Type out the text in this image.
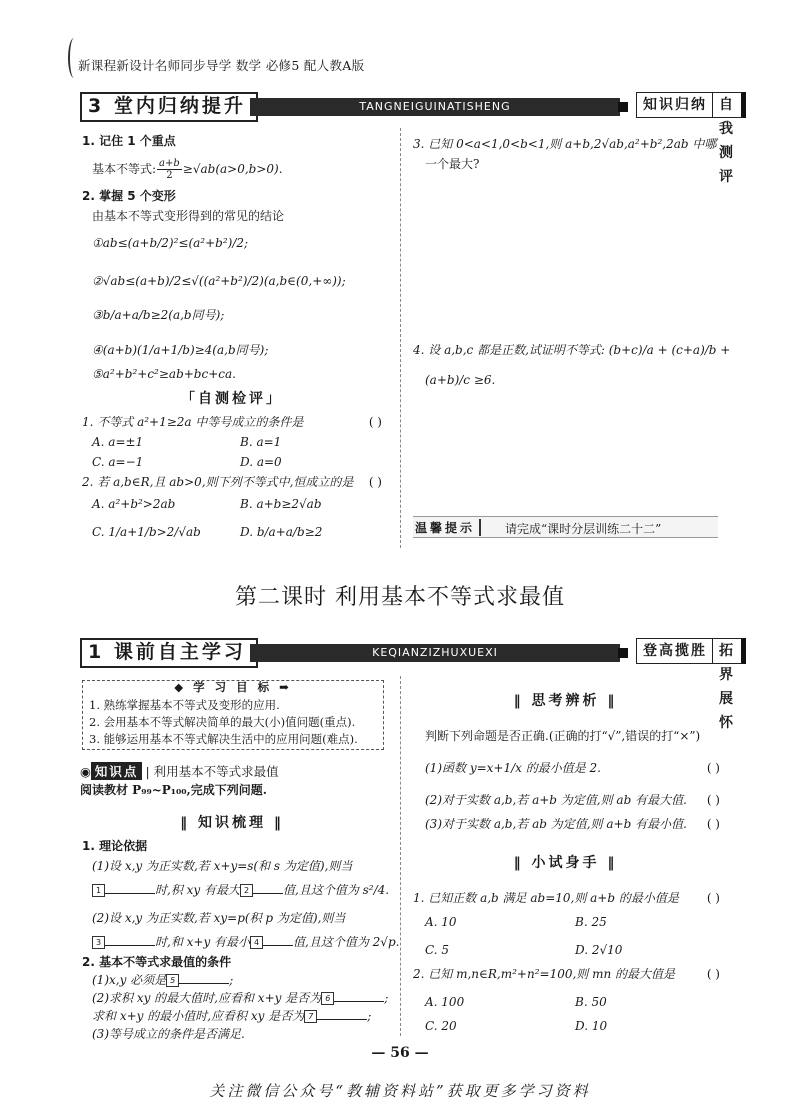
新课程新设计名师同步导学 数学 必修5 配人教A版
3 堂内归纳提升	TANGNEIGUINATISHENG	知识归纳 自我测评
1. 记住 1 个重点
基本不等式: $\frac{a+b}{2} \ge√ab(a>0,b>0)$.
2. 掌握 5 个变形
由基本不等式变形得到的常见的结论
①ab≤(a+b/2)²≤(a²+b²)/2;
②√ab≤(a+b)/2≤√((a²+b²)/2)(a,b∈(0,+∞));
③b/a+a/b≥2(a,b同号);
④(a+b)(1/a+1/b)≥4(a,b同号);
⑤a²+b²+c²≥ab+bc+ca.
「自测检评」
1. 不等式 a²+1≥2a 中等号成立的条件是	( )
A. a=±1	B. a=1
C. a=−1	D. a=0
2. 若 a,b∈R,且 ab>0,则下列不等式中,恒成立的是 ( )
A. a²+b²>2ab	B. a+b≥2√ab
C. 1/a+1/b>2/√ab	D. b/a+a/b≥2
3. 已知 0<a<1,0<b<1,则 a+b,2√ab,a²+b²,2ab 中哪
一个最大?
4. 设 a,b,c 都是正数,试证明不等式: (b+c)/a + (c+a)/b +
(a+b)/c ≥6.
温馨提示	请完成“课时分层训练二十二”
第二课时 利用基本不等式求最值
1 课前自主学习	KEQIANZIZHUXUEXI	登高揽胜 拓界展怀
◆ 学 习 目 标 ➡
1. 熟练掌握基本不等式及变形的应用.
2. 会用基本不等式解决简单的最大(小)值问题(重点).
3. 能够运用基本不等式解决生活中的应用问题(难点).
◉ 知识点 | 利用基本不等式求最值
阅读教材 P₉₉~P₁₀₀,完成下列问题.
‖ 知识梳理 ‖
1. 理论依据
(1)设 x,y 为正实数,若 x+y=s(和 s 为定值),则当
1	时,积 xy 有最大 2	值,且这个值为 s²/4.
(2)设 x,y 为正实数,若 xy=p(积 p 为定值),则当
3	时,和 x+y 有最小 4	值,且这个值为 2√p.
2. 基本不等式求最值的条件
(1)x,y 必须是 5	;
(2)求积 xy 的最大值时,应看和 x+y 是否为 6	;
求和 x+y 的最小值时,应看积 xy 是否为 7	;
(3)等号成立的条件是否满足.
‖ 思考辨析 ‖
判断下列命题是否正确.(正确的打“√”,错误的打“×”)
(1)函数 y=x+1/x 的最小值是 2.	( )
(2)对于实数 a,b,若 a+b 为定值,则 ab 有最大值. ( )
(3)对于实数 a,b,若 ab 为定值,则 a+b 有最小值. ( )
‖ 小试身手 ‖
1. 已知正数 a,b 满足 ab=10,则 a+b 的最小值是 ( )
A. 10	B. 25
C. 5	D. 2√10
2. 已知 m,n∈R,m²+n²=100,则 mn 的最大值是	( )
A. 100	B. 50
C. 20	D. 10
— 56 —
关注微信公众号“教辅资料站”获取更多学习资料
